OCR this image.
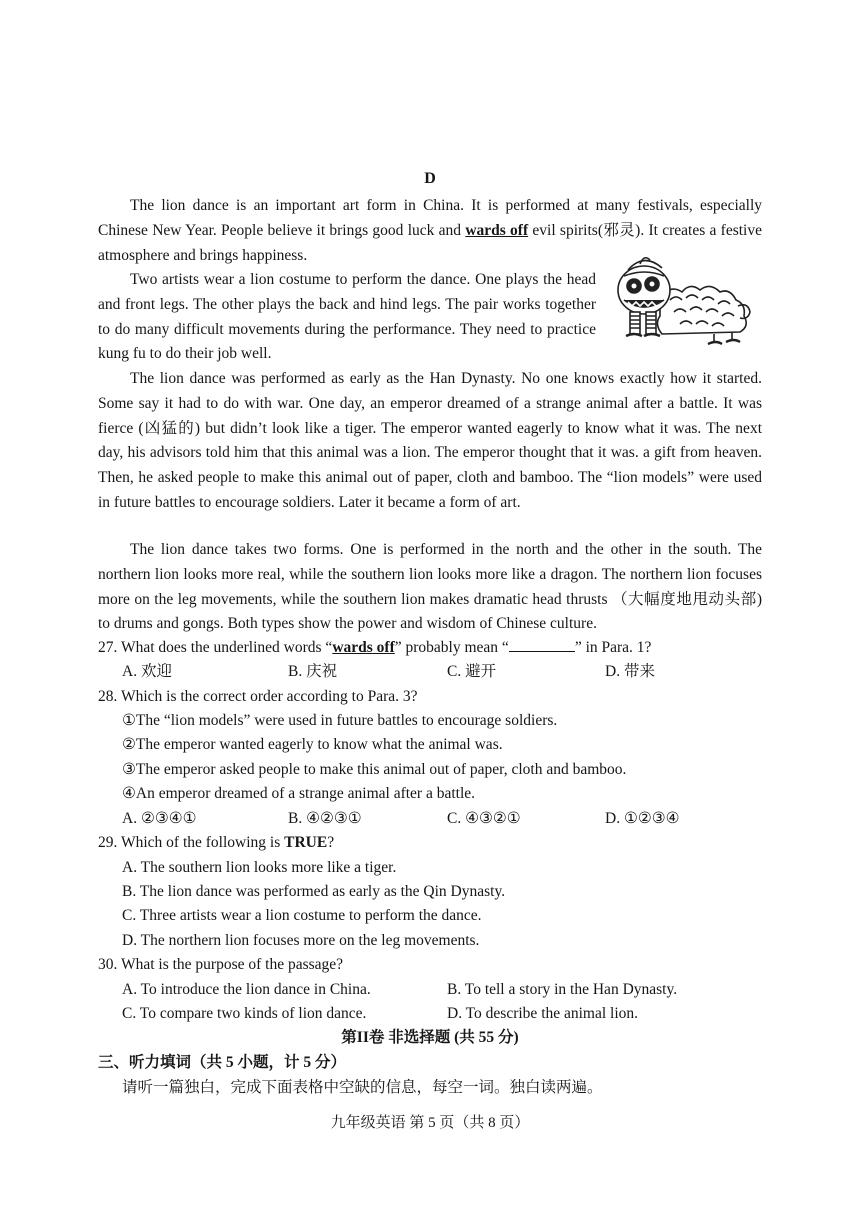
D

The lion dance is an important art form in China. It is performed at many festivals, especially Chinese New Year. People believe it brings good luck and wards off evil spirits(邪灵). It creates a festive atmosphere and brings happiness.

Two artists wear a lion costume to perform the dance. One plays the head and front legs. The other plays the back and hind legs. The pair works together to do many difficult movements during the performance. They need to practice kung fu to do their job well.

The lion dance was performed as early as the Han Dynasty. No one knows exactly how it started. Some say it had to do with war. One day, an emperor dreamed of a strange animal after a battle. It was fierce (凶猛的) but didn’t look like a tiger. The emperor wanted eagerly to know what it was. The next day, his advisors told him that this animal was a lion. The emperor thought that it was. a gift from heaven. Then, he asked people to make this animal out of paper, cloth and bamboo. The “lion models” were used in future battles to encourage soldiers. Later it became a form of art.

The lion dance takes two forms. One is performed in the north and the other in the south. The northern lion looks more real, while the southern lion looks more like a dragon. The northern lion focuses more on the leg movements, while the southern lion makes dramatic head thrusts （大幅度地甩动头部) to drums and gongs. Both types show the power and wisdom of Chinese culture.

27. What does the underlined words “wards off” probably mean “	” in Para. 1?
A. 欢迎	B. 庆祝	C. 避开	D. 带来
28. Which is the correct order according to Para. 3?
①The “lion models” were used in future battles to encourage soldiers.
②The emperor wanted eagerly to know what the animal was.
③The emperor asked people to make this animal out of paper, cloth and bamboo.
④An emperor dreamed of a strange animal after a battle.
A. ②③④①	B. ④②③①	C. ④③②①	D. ①②③④
29. Which of the following is TRUE?
A. The southern lion looks more like a tiger.
B. The lion dance was performed as early as the Qin Dynasty.
C. Three artists wear a lion costume to perform the dance.
D. The northern lion focuses more on the leg movements.
30. What is the purpose of the passage?
A. To introduce the lion dance in China.	B. To tell a story in the Han Dynasty.
C. To compare two kinds of lion dance.	D. To describe the animal lion.
第II卷 非选择题 (共 55 分)
三、听力填词（共 5 小题，计 5 分）
请听一篇独白，完成下面表格中空缺的信息，每空一词。独白读两遍。
九年级英语 第 5 页（共 8 页）
